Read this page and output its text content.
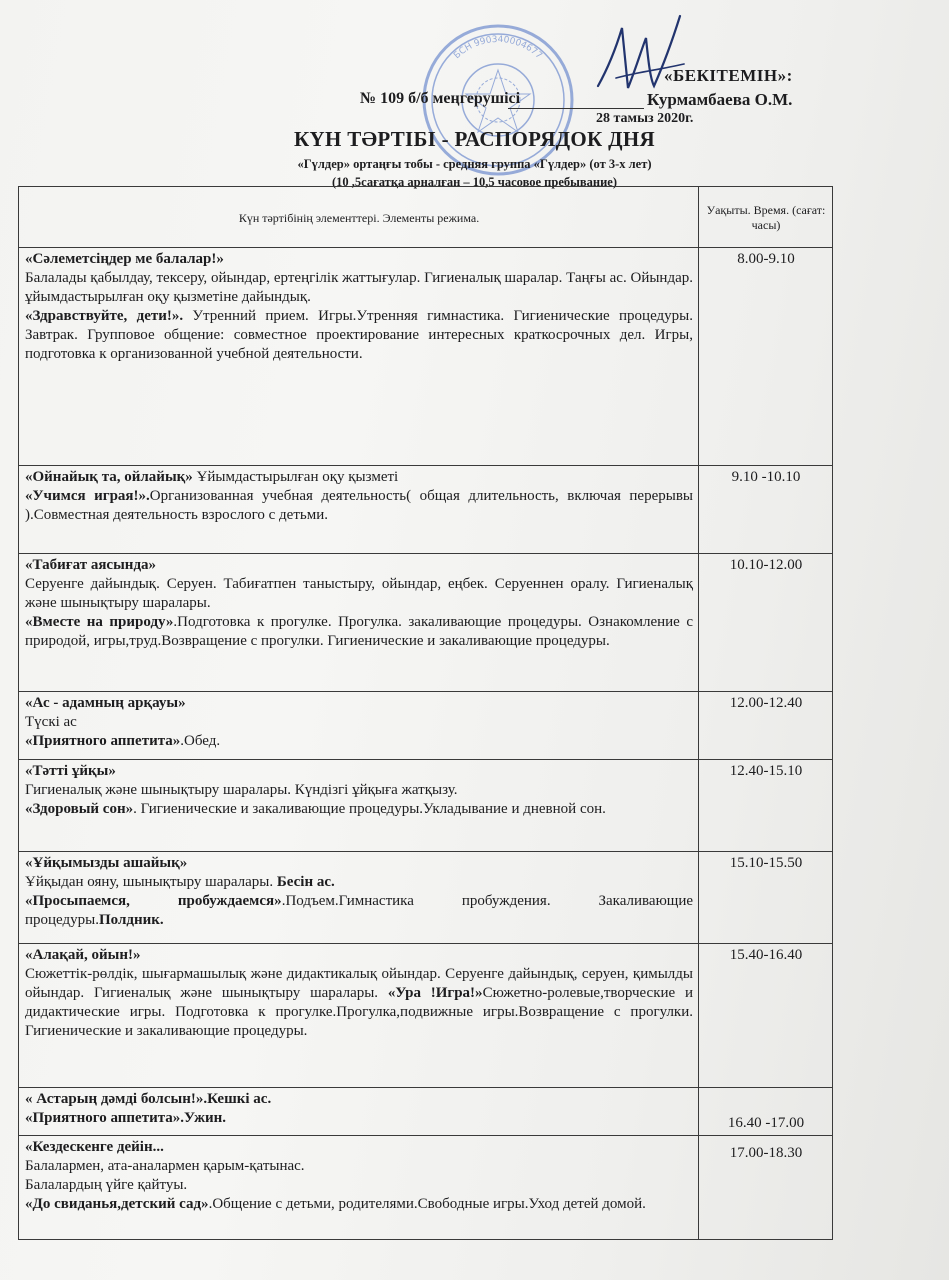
БСН 990340004677
«БЕКІТЕМІН»:
№ 109 б/б меңгерушісі	Курмамбаева О.М.
28 тамыз 2020г.
КҮН ТӘРТІБІ - РАСПОРЯДОК ДНЯ
«Гүлдер» ортаңғы тобы - средняя группа «Гүлдер» (от 3-х лет)
(10 ,5сағатқа арналған – 10,5 часовое пребывание)
Күн тәртібінің элементтері. Элементы режима.	Уақыты. Время. (сағат: часы)

«Сәлеметсіңдер ме балалар!»
Балалады қабылдау, тексеру, ойындар, ертеңгілік жаттығулар. Гигиеналық шаралар. Таңғы ас. Ойындар. ұйымдастырылған оқу қызметіне дайындық.
«Здравствуйте, дети!». Утренний прием. Игры.Утренняя гимнастика. Гигиенические процедуры. Завтрак. Групповое общение: совместное проектирование интересных краткосрочных дел. Игры, подготовка к организованной учебной деятельности.	8.00-9.10

«Ойнайық та, ойлайық» Ұйымдастырылған оқу қызметі
«Учимся играя!».Организованная учебная деятельность( общая длительность, включая перерывы ).Совместная деятельность взрослого с детьми.	9.10 -10.10

«Табиғат аясында»
Серуенге дайындық. Серуен. Табиғатпен таныстыру, ойындар, еңбек. Серуеннен оралу. Гигиеналық және шынықтыру шаралары.
«Вместе на природу».Подготовка к прогулке. Прогулка. закаливающие процедуры. Ознакомление с природой, игры,труд.Возвращение с прогулки. Гигиенические и закаливающие процедуры.	10.10-12.00

«Ас - адамның арқауы»
Түскі ас
«Приятного аппетита».Обед.	12.00-12.40

«Тәтті ұйқы»
Гигиеналық және шынықтыру шаралары. Күндізгі ұйқыға жатқызу.
«Здоровый сон». Гигиенические и закаливающие процедуры.Укладывание и дневной сон.	12.40-15.10

«Ұйқымызды ашайық»
Ұйқыдан ояну, шынықтыру шаралары. Бесін ас.
«Просыпаемся, пробуждаемся».Подъем.Гимнастика пробуждения. Закаливающие процедуры.Полдник.	15.10-15.50

«Алақай, ойын!»
Сюжеттік-рөлдік, шығармашылық және дидактикалық ойындар. Серуенге дайындық, серуен, қимылды ойындар. Гигиеналық және шынықтыру шаралары. «Ура !Игра!»Сюжетно-ролевые,творческие и дидактические игры. Подготовка к прогулке.Прогулка,подвижные игры.Возвращение с прогулки. Гигиенические и закаливающие процедуры.	15.40-16.40

« Астарың дәмді болсын!».Кешкі ас.
«Приятного аппетита».Ужин.	16.40 -17.00

«Кездескенге дейін...
Балалармен, ата-аналармен қарым-қатынас.
Балалардың үйге қайтуы.
«До свиданья,детский сад».Общение с детьми, родителями.Свободные игры.Уход детей домой.	17.00-18.30
